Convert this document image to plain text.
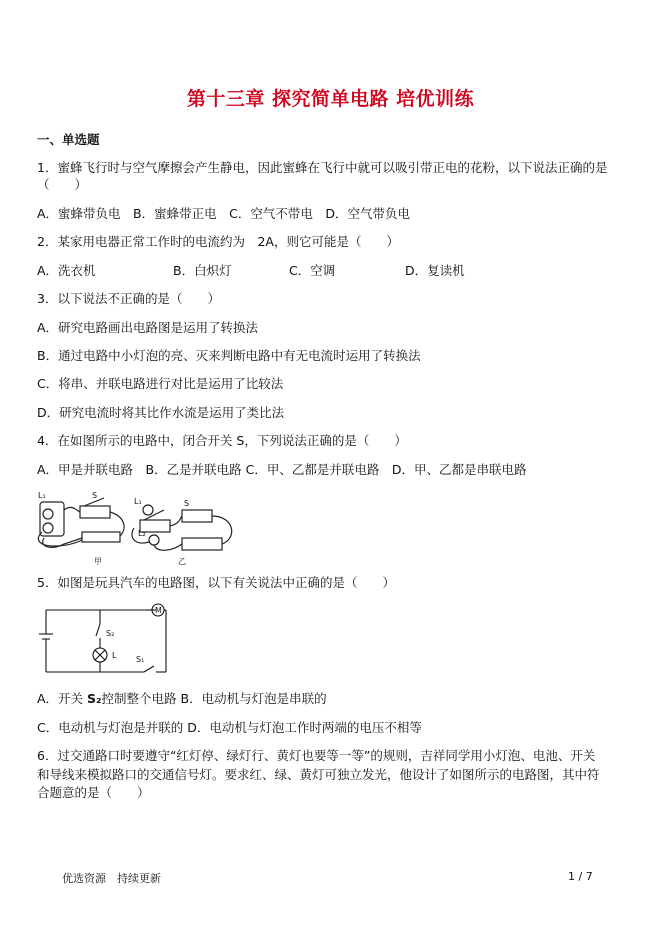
第十三章 探究简单电路 培优训练
一、单选题
1．蜜蜂飞行时与空气摩擦会产生静电，因此蜜蜂在飞行中就可以吸引带正电的花粉，以下说法正确的是
（　　）
A．蜜蜂带负电　B．蜜蜂带正电　C．空气不带电　D．空气带负电
2．某家用电器正常工作时的电流约为　2A，则它可能是（　　）
A．洗衣机	B．白炽灯	C．空调	D．复读机
3．以下说法不正确的是（　　）
A．研究电路画出电路图是运用了转换法
B．通过电路中小灯泡的亮、灭来判断电路中有无电流时运用了转换法
C．将串、并联电路进行对比是运用了比较法
D．研究电流时将其比作水流是运用了类比法
4．在如图所示的电路中，闭合开关 S，下列说法正确的是（　　）
A．甲是并联电路　B．乙是并联电路 C．甲、乙都是并联电路　D．甲、乙都是串联电路
L₁	S
S
L₁
L₂
甲	乙
5．如图是玩具汽车的电路图，以下有关说法中正确的是（　　）
M
S₂
L S₁
A．开关 S₂控制整个电路 B．电动机与灯泡是串联的
C．电动机与灯泡是并联的 D．电动机与灯泡工作时两端的电压不相等
6．过交通路口时要遵守“红灯停、绿灯行、黄灯也要等一等”的规则，吉祥同学用小灯泡、电池、开关
和导线来模拟路口的交通信号灯。要求红、绿、黄灯可独立发光，他设计了如图所示的电路图，其中符
合题意的是（　　）
优选资源　持续更新	1 / 7
